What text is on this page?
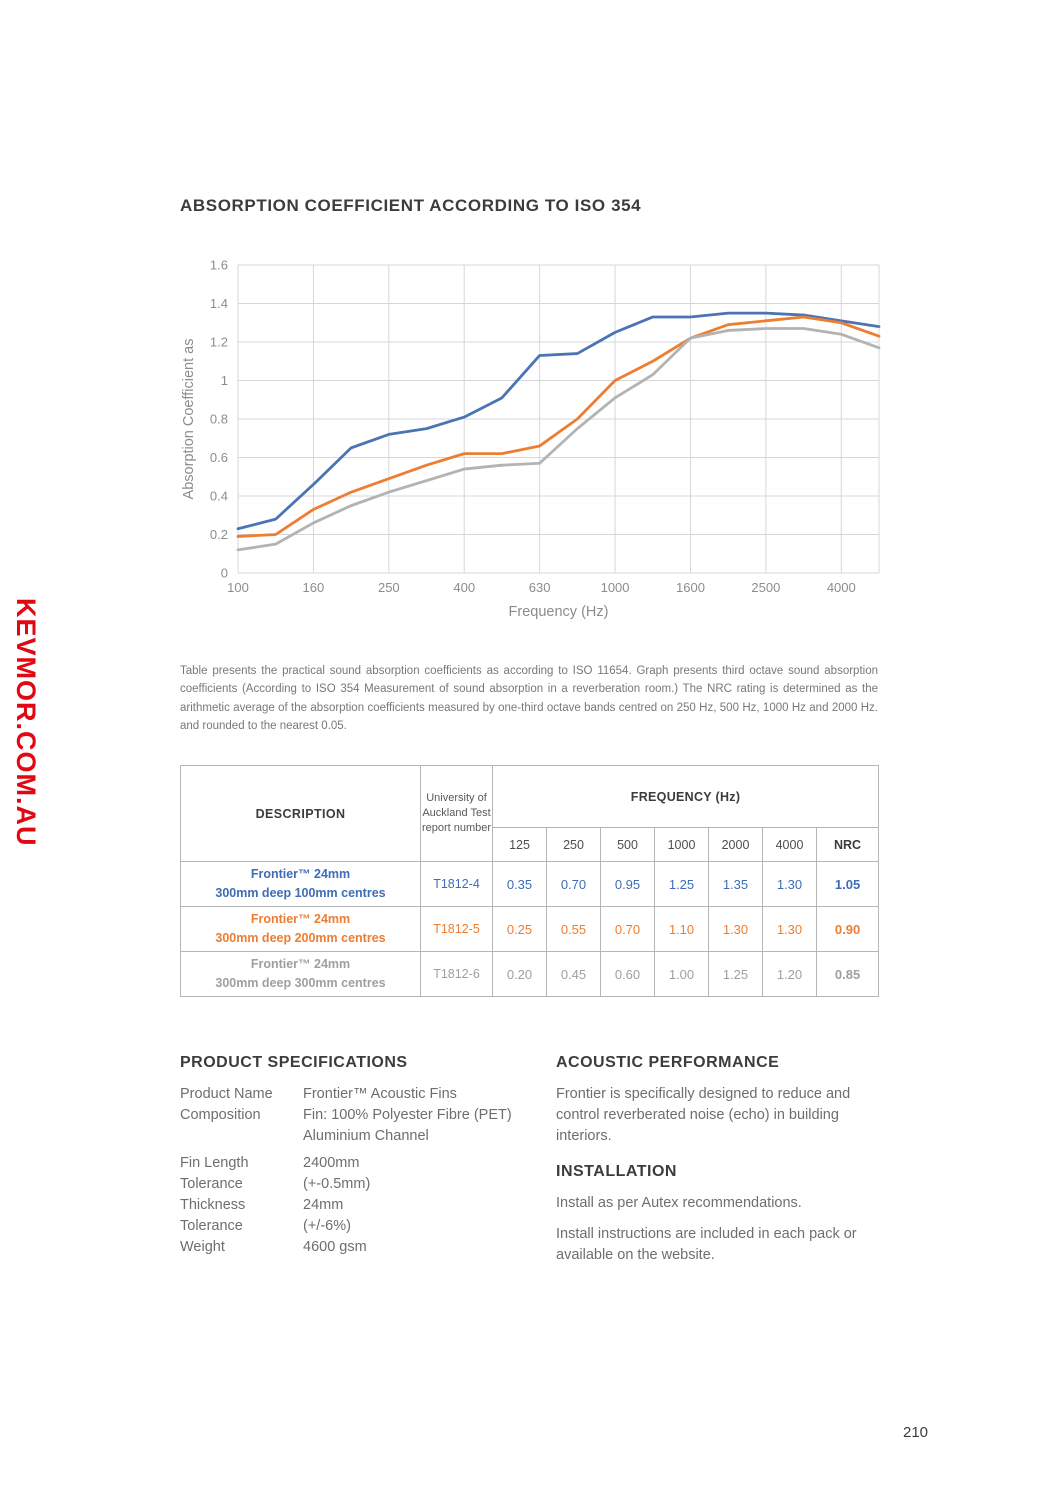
KEVMOR.COM.AU
ABSORPTION COEFFICIENT ACCORDING TO ISO 354
0
0.2
0.4
0.6
0.8
1
1.2
1.4
1.6
100	160	250	400	630	1000	1600	2500	4000
Frequency (Hz)
Absorption Coefficient as

Table presents the practical sound absorption coefficients as according to ISO 11654. Graph presents third octave sound absorption coefficients (According to ISO 354 Measurement of sound absorption in a reverberation room.) The NRC rating is determined as the arithmetic average of the absorption coefficients measured by one-third octave bands centred on 250 Hz, 500 Hz, 1000 Hz and 2000 Hz. and rounded to the nearest 0.05.

DESCRIPTION	University of Auckland Test report number	FREQUENCY (Hz)						
		125	250	500	1000	2000	4000	NRC

Frontier™ 24mm
300mm deep 100mm centres	T1812-4	0.35	0.70	0.95	1.25	1.35	1.30	1.05

Frontier™ 24mm
300mm deep 200mm centres	T1812-5	0.25	0.55	0.70	1.10	1.30	1.30	0.90

Frontier™ 24mm
300mm deep 300mm centres	T1812-6	0.20	0.45	0.60	1.00	1.25	1.20	0.85
PRODUCT SPECIFICATIONS
Product Name	Frontier™ Acoustic Fins
Composition	Fin: 100% Polyester Fibre (PET)
Aluminium Channel
Fin Length	2400mm
Tolerance	(+-0.5mm)
Thickness	24mm
Tolerance	(+/-6%)
Weight	4600 gsm
ACOUSTIC PERFORMANCE

Frontier is specifically designed to reduce and control reverberated noise (echo) in building interiors.

INSTALLATION

Install as per Autex recommendations.

Install instructions are included in each pack or available on the website.

210
